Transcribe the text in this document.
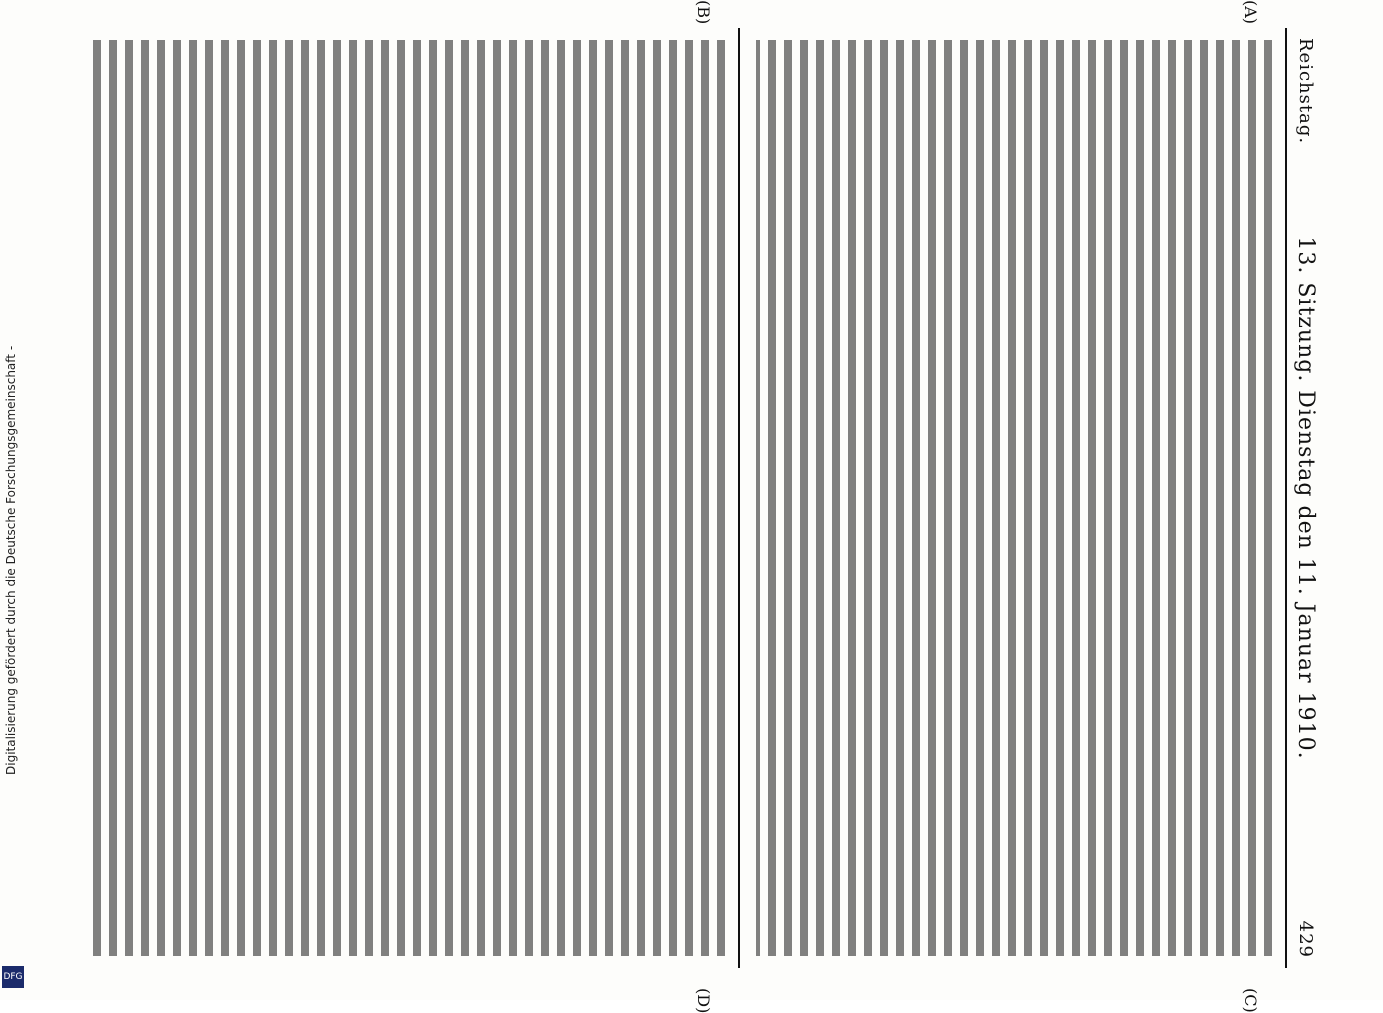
Digitalisierung gefördert durch die Deutsche Forschungsgemeinschaft -
DFG
Reichstag.
13. Sitzung. Dienstag den 11. Januar 1910.
429
(A)
(C)
(B)
(D)
